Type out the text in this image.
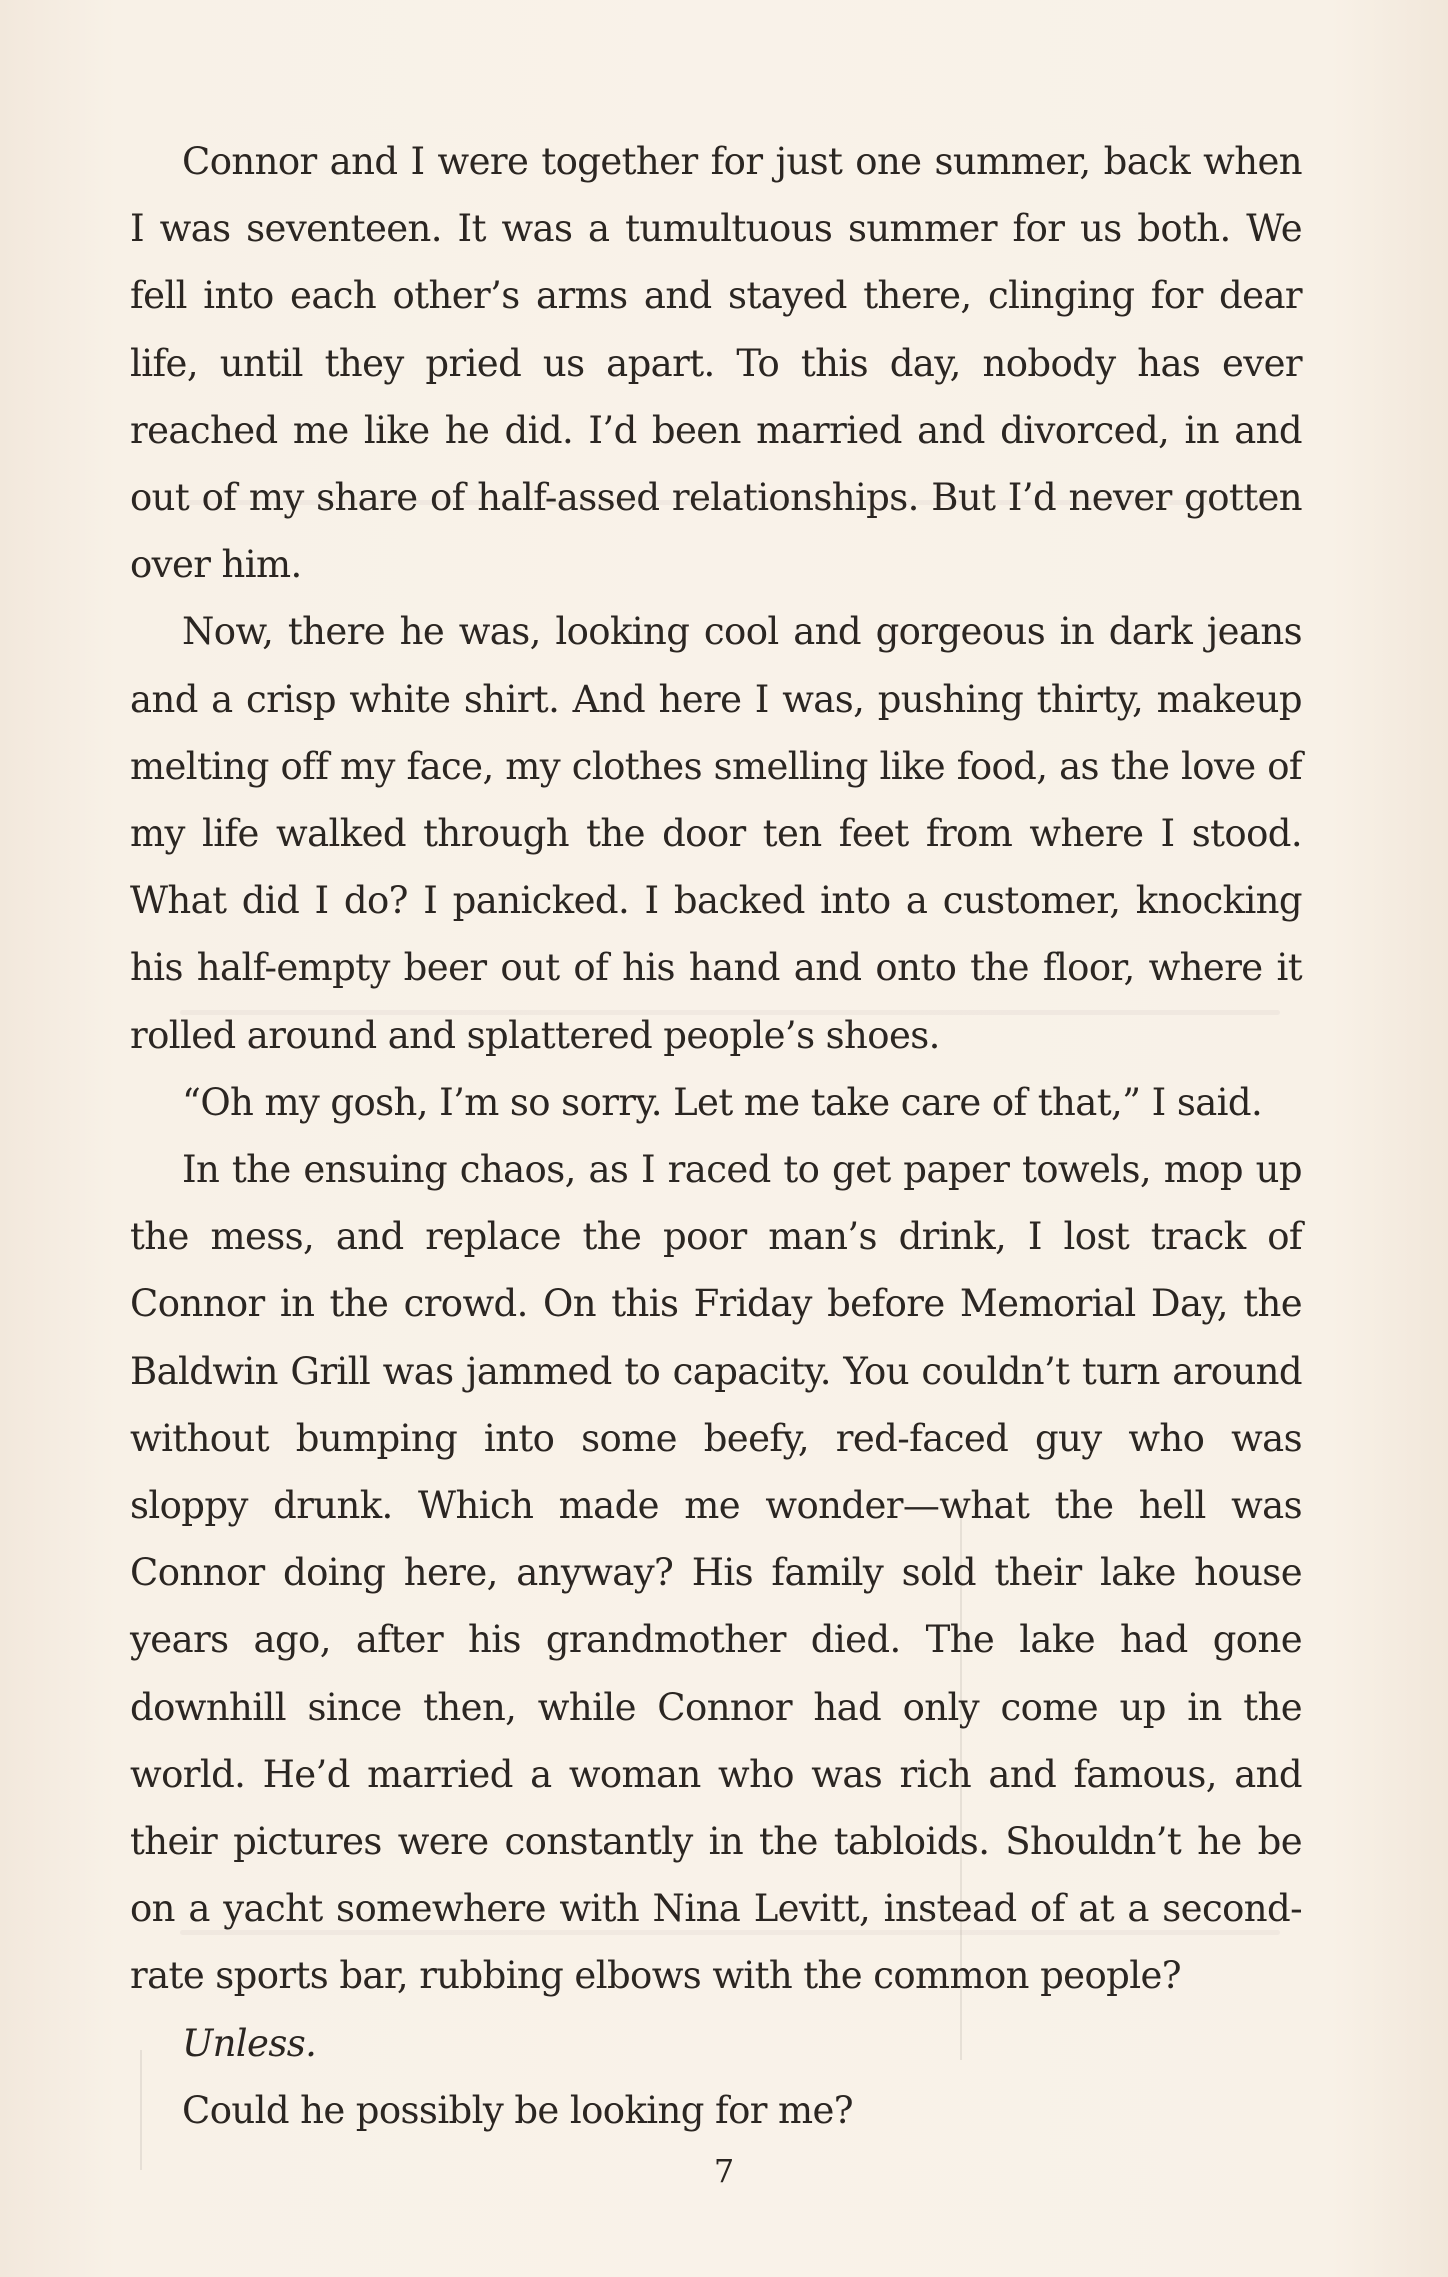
Connor and I were together for just one summer, back when I was seventeen. It was a tumultuous summer for us both. We fell into each other’s arms and stayed there, clinging for dear life, until they pried us apart. To this day, nobody has ever reached me like he did. I’d been married and divorced, in and out of my share of half-assed relationships. But I’d never gotten over him.

Now, there he was, looking cool and gorgeous in dark jeans and a crisp white shirt. And here I was, pushing thirty, makeup melting off my face, my clothes smelling like food, as the love of my life walked through the door ten feet from where I stood. What did I do? I panicked. I backed into a customer, knocking his half-empty beer out of his hand and onto the floor, where it rolled around and splattered people’s shoes.

“Oh my gosh, I’m so sorry. Let me take care of that,” I said.

In the ensuing chaos, as I raced to get paper towels, mop up the mess, and replace the poor man’s drink, I lost track of Connor in the crowd. On this Friday before Memorial Day, the Baldwin Grill was jammed to capacity. You couldn’t turn around without bumping into some beefy, red-faced guy who was sloppy drunk. Which made me wonder—what the hell was Connor doing here, anyway? His family sold their lake house years ago, after his grandmother died. The lake had gone downhill since then, while Connor had only come up in the world. He’d married a woman who was rich and famous, and their pictures were constantly in the tabloids. Shouldn’t he be on a yacht somewhere with Nina Levitt, instead of at a second-rate sports bar, rubbing elbows with the common people?

Unless.

Could he possibly be looking for me?

7
